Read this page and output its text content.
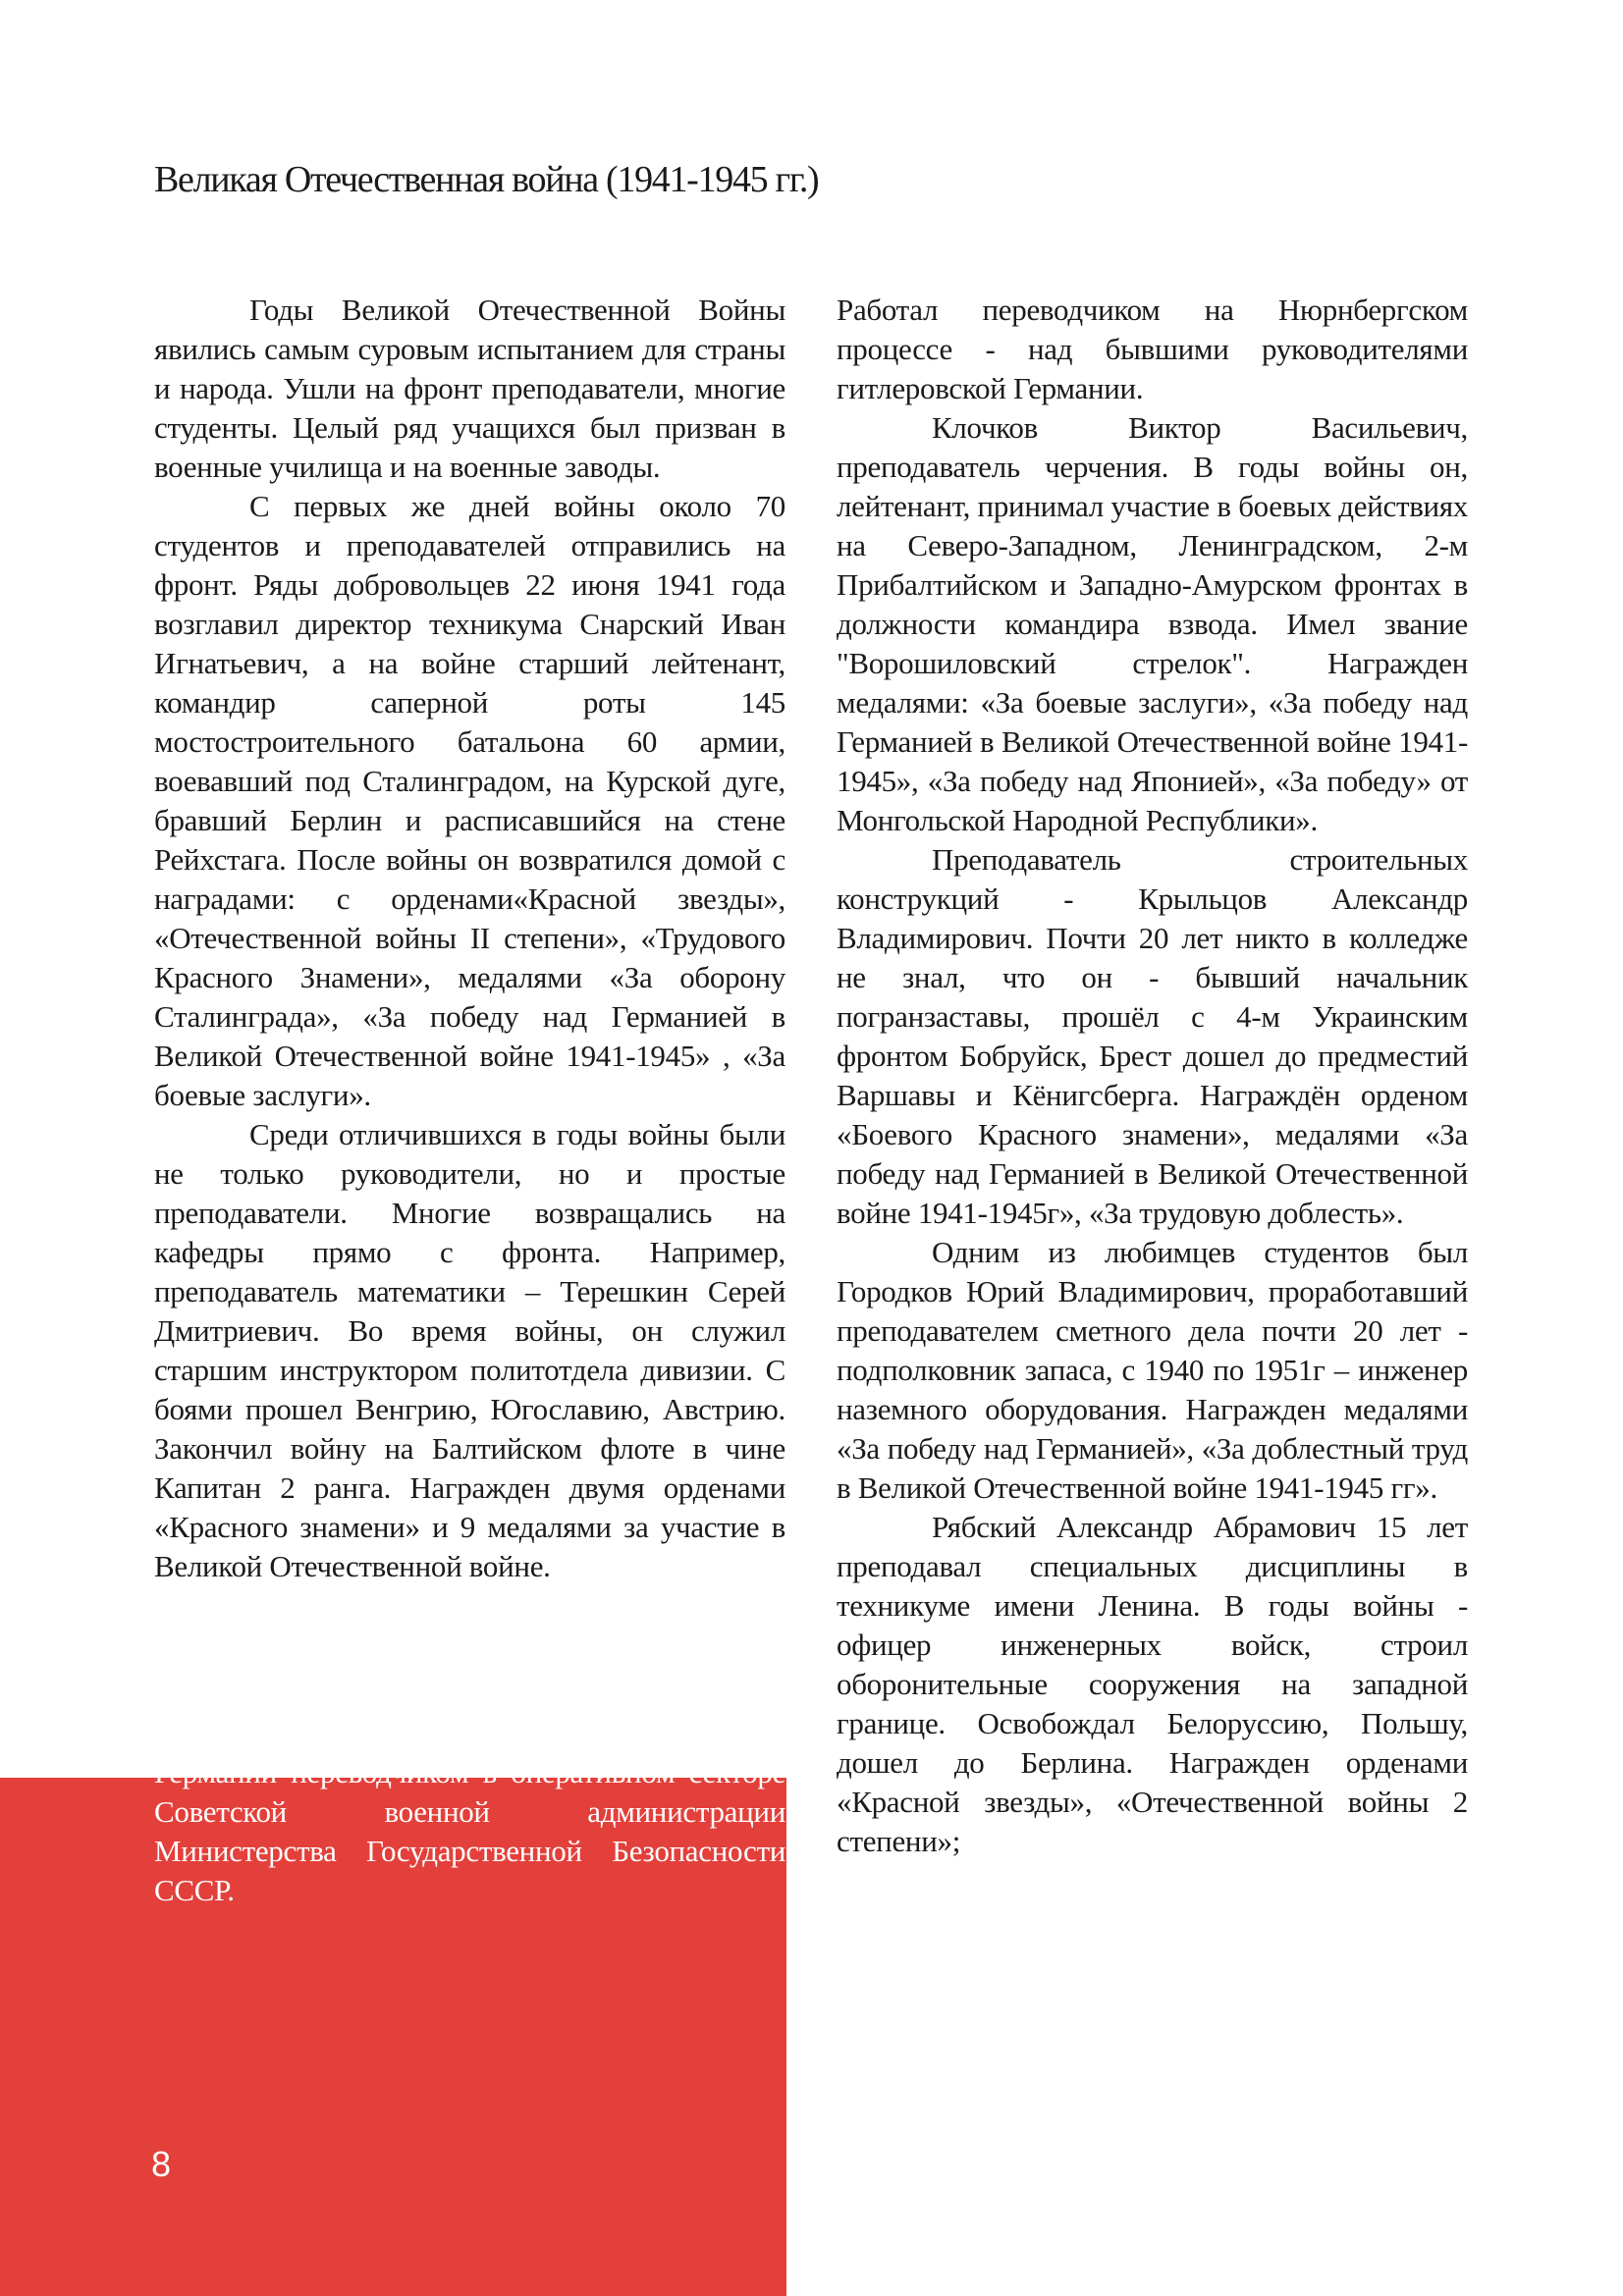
Великая Отечественная война (1941-1945 гг.)

Годы Великой Отечественной Войны явились самым суровым испытанием для страны и народа. Ушли на фронт преподаватели, многие студенты. Целый ряд учащихся был призван в военные училища и на военные заводы.

С первых же дней войны около 70 студентов и преподавателей отправились на фронт. Ряды добровольцев 22 июня 1941 года возглавил директор техникума Снарский Иван Игнатьевич, а на войне старший лейтенант, командир саперной роты 145 мостостроительного батальона 60 армии, воевавший под Сталинградом, на Курской дуге, бравший Берлин и расписавшийся на стене Рейхстага. После войны он возвратился домой с наградами: с орденами«Красной звезды», «Отечественной войны II степени», «Трудового Красного Знамени», медалями «За оборону Сталинграда», «За победу над Германией в Великой Отечественной войне 1941-1945» , «За боевые заслуги».

Среди отличившихся в годы войны были не только руководители, но и простые преподаватели. Многие возвращались на кафедры прямо с фронта. Например, преподаватель математики – Терешкин Серей Дмитриевич. Во время войны, он служил старшим инструктором политотдела дивизии. С боями прошел Венгрию, Югославию, Австрию. Закончил войну на Балтийском флоте в чине Капитан 2 ранга. Награжден двумя орденами «Красного знамени» и 9 медалями за участие в Великой Отечественной войне.

Дразнин Исаак Моисеевич, преподаватель физики - воевал на Западном фронте. В 1944г. попал к французским партизанам. После войны, до 47г. работал в Германии переводчиком в оперативном секторе Советской военной администрации Министерства Государственной Безопасности СССР.

Работал переводчиком на Нюрнбергском процессе - над бывшими руководителями гитлеровской Германии.

Клочков Виктор Васильевич, преподаватель черчения. В годы войны он, лейтенант, принимал участие в боевых действиях на Северо-Западном, Ленинградском, 2-м Прибалтийском и Западно-Амурском фронтах в должности командира взвода. Имел звание "Ворошиловский стрелок". Награжден медалями: «За боевые заслуги», «За победу над Германией в Великой Отечественной войне 1941-1945», «За победу над Японией», «За победу» от Монгольской Народной Республики».

Преподаватель строительных конструкций - Крыльцов Александр Владимирович. Почти 20 лет никто в колледже не знал, что он - бывший начальник погранзаставы, прошёл с 4-м Украинским фронтом Бобруйск, Брест дошел до предместий Варшавы и Кёнигсберга. Награждён орденом «Боевого Красного знамени», медалями «За победу над Германией в Великой Отечественной войне 1941-1945г», «За трудовую доблесть».

Одним из любимцев студентов был Городков Юрий Владимирович, проработавший преподавателем сметного дела почти 20 лет - подполковник запаса, с 1940 по 1951г – инженер наземного оборудования. Награжден медалями «За победу над Германией», «За доблестный труд в Великой Отечественной войне 1941-1945 гг».

Рябский Александр Абрамович 15 лет преподавал специальных дисциплины в техникуме имени Ленина. В годы войны - офицер инженерных войск, строил оборонительные сооружения на западной границе. Освобождал Белоруссию, Польшу, дошел до Берлина. Награжден орденами «Красной звезды», «Отечественной войны 2 степени»;

8
